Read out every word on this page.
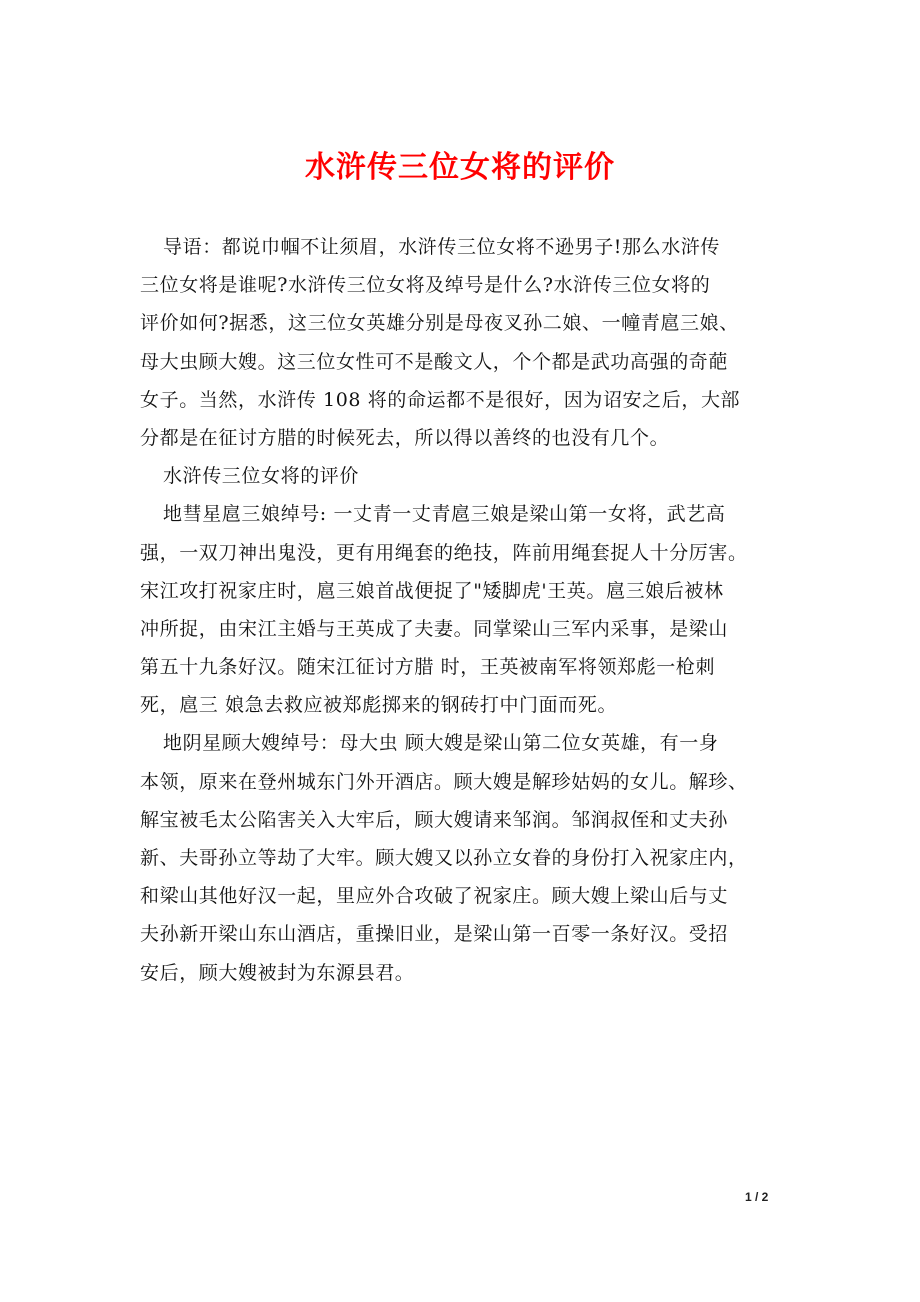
水浒传三位女将的评价
导语：都说巾帼不让须眉，水浒传三位女将不逊男子!那么水浒传
三位女将是谁呢?水浒传三位女将及绰号是什么?水浒传三位女将的
评价如何?据悉，这三位女英雄分别是母夜叉孙二娘、一幢青扈三娘、
母大虫顾大嫂。这三位女性可不是酸文人，个个都是武功高强的奇葩
女子。当然，水浒传 108 将的命运都不是很好，因为诏安之后，大部
分都是在征讨方腊的时候死去，所以得以善终的也没有几个。
水浒传三位女将的评价
地彗星扈三娘绰号: 一丈青一丈青扈三娘是梁山第一女将，武艺高
强，一双刀神出鬼没，更有用绳套的绝技，阵前用绳套捉人十分厉害。
宋江攻打祝家庄时，扈三娘首战便捉了"矮脚虎'王英。扈三娘后被林
冲所捉，由宋江主婚与王英成了夫妻。同掌梁山三军内采事，是梁山
第五十九条好汉。随宋江征讨方腊 时，王英被南军将领郑彪一枪刺
死，扈三 娘急去救应被郑彪掷来的钢砖打中门面而死。
地阴星顾大嫂绰号：母大虫 顾大嫂是梁山第二位女英雄，有一身
本领，原来在登州城东门外开酒店。顾大嫂是解珍姑妈的女儿。解珍、
解宝被毛太公陷害关入大牢后，顾大嫂请来邹润。邹润叔侄和丈夫孙
新、夫哥孙立等劫了大牢。顾大嫂又以孙立女眷的身份打入祝家庄内，
和梁山其他好汉一起，里应外合攻破了祝家庄。顾大嫂上梁山后与丈
夫孙新开梁山东山酒店，重操旧业，是梁山第一百零一条好汉。受招
安后，顾大嫂被封为东源县君。
1 / 2
